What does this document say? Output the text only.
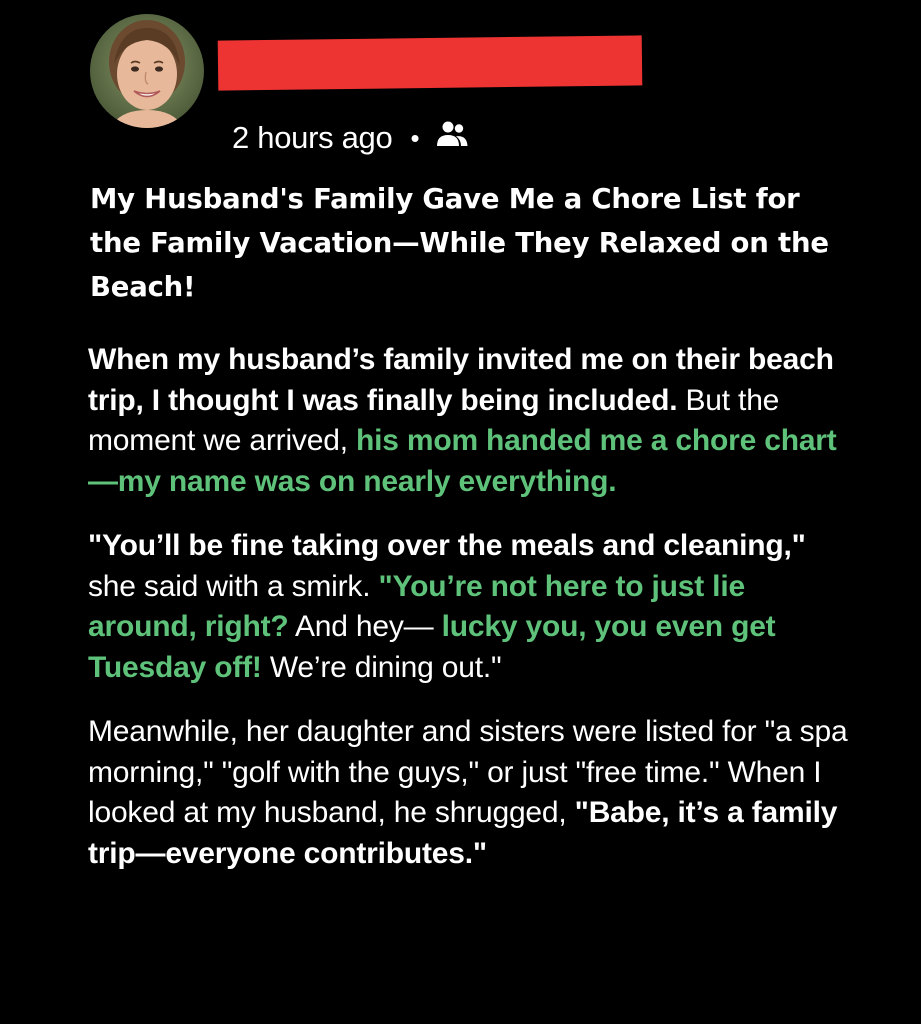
2 hours ago •
My Husband's Family Gave Me a Chore List for the Family Vacation—While They Relaxed on the Beach!

When my husband’s family invited me on their beach trip, I thought I was finally being included. But the moment we arrived, his mom handed me a chore chart—my name was on nearly everything.

"You’ll be fine taking over the meals and cleaning," she said with a smirk. "You’re not here to just lie around, right? And hey— lucky you, you even get Tuesday off! We’re dining out."

Meanwhile, her daughter and sisters were listed for "a spa morning," "golf with the guys," or just "free time." When I looked at my husband, he shrugged, "Babe, it’s a family trip—everyone contributes."
